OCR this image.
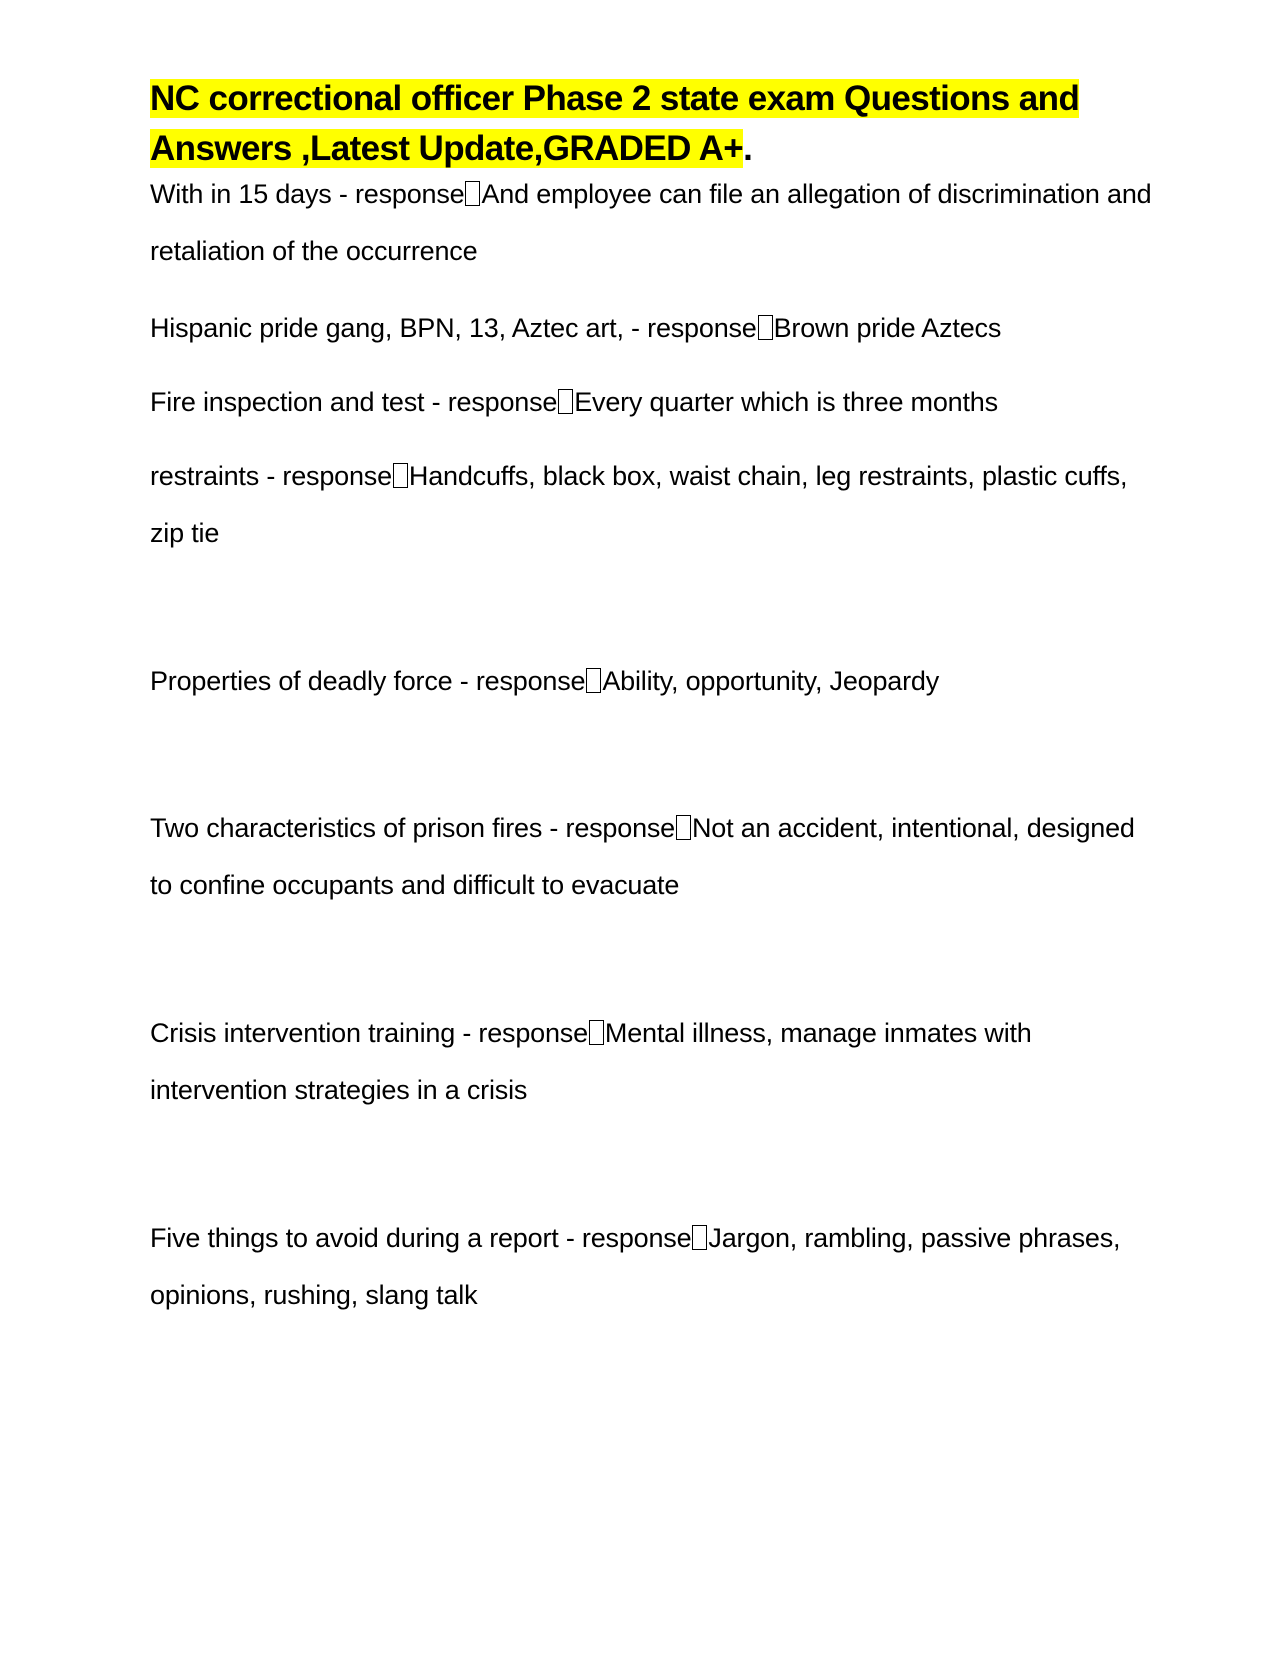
NC correctional officer Phase 2 state exam Questions and Answers ,Latest Update,GRADED A+.

With in 15 days - response And employee can file an allegation of discrimination and retaliation of the occurrence

Hispanic pride gang, BPN, 13, Aztec art, - response Brown pride Aztecs

Fire inspection and test - response Every quarter which is three months

restraints - response Handcuffs, black box, waist chain, leg restraints, plastic cuffs, zip tie

Properties of deadly force - response Ability, opportunity, Jeopardy

Two characteristics of prison fires - response Not an accident, intentional, designed to confine occupants and difficult to evacuate

Crisis intervention training - response Mental illness, manage inmates with intervention strategies in a crisis

Five things to avoid during a report - response Jargon, rambling, passive phrases, opinions, rushing, slang talk
